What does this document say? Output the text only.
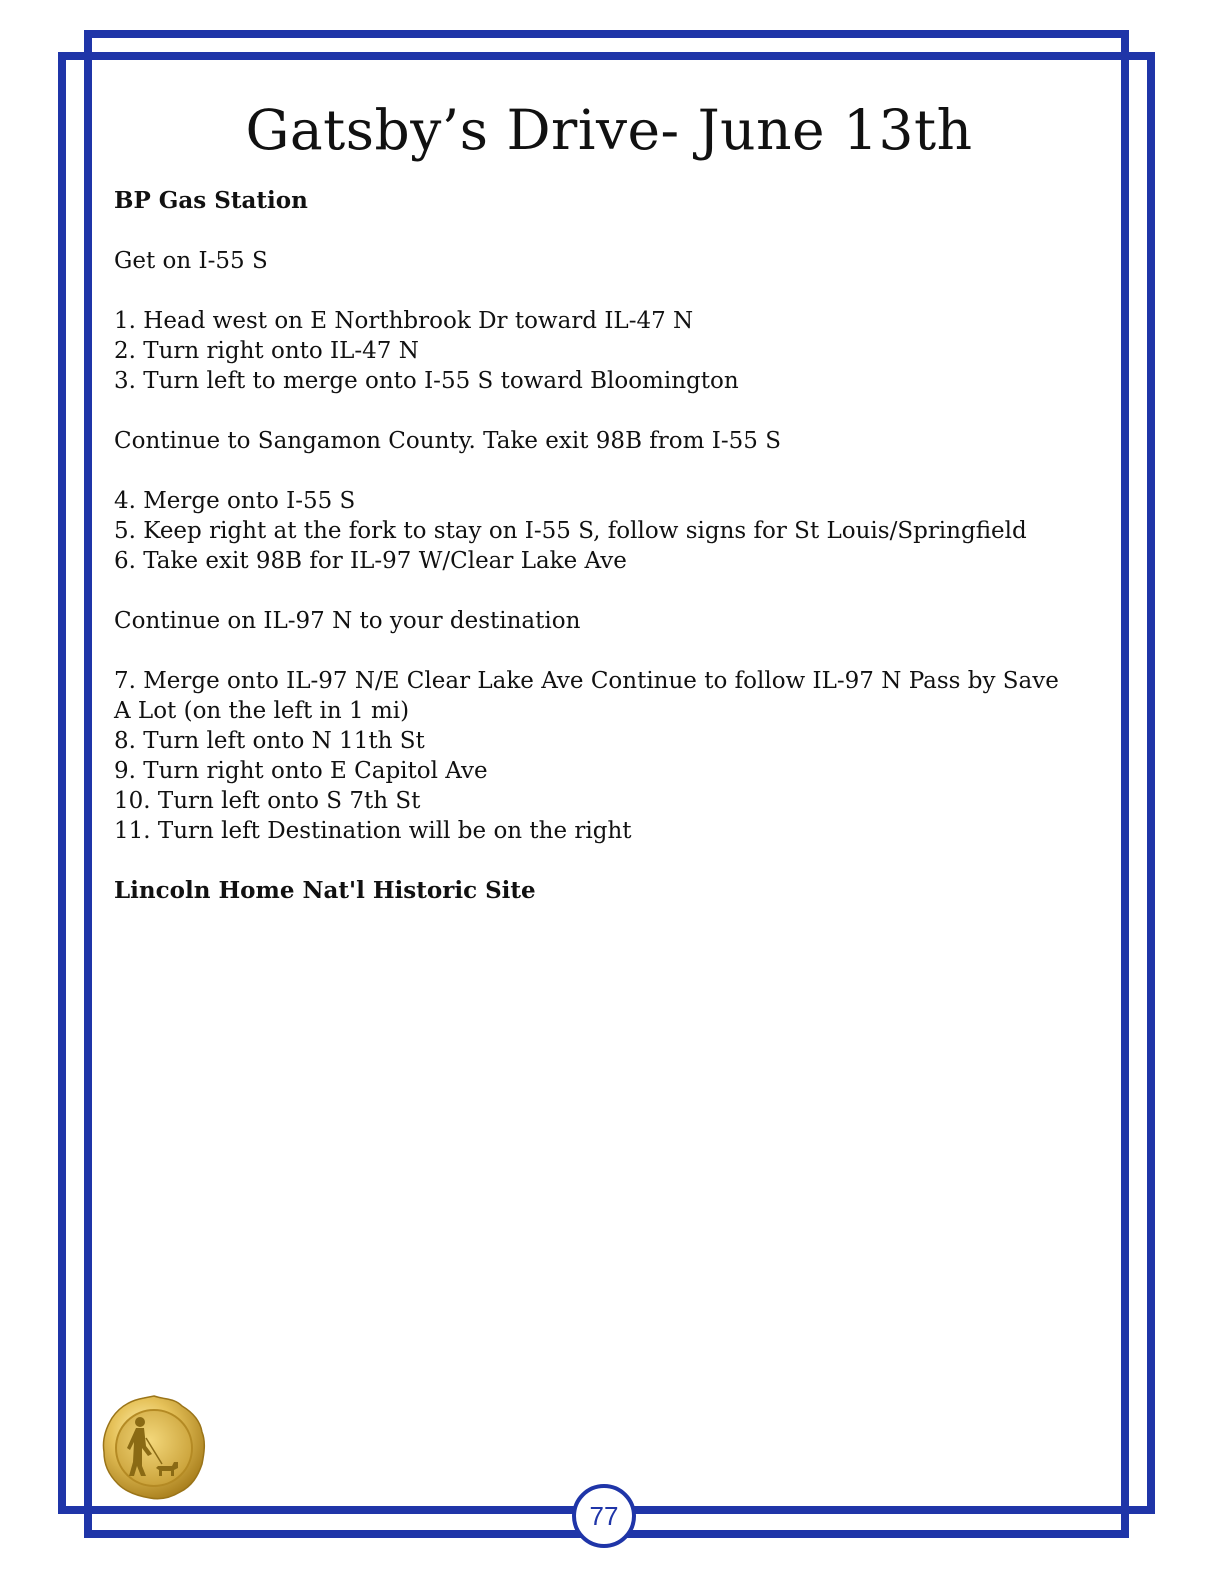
Gatsby’s Drive- June 13th

BP Gas Station

Get on I-55 S

1. Head west on E Northbrook Dr toward IL-47 N

2. Turn right onto IL-47 N

3. Turn left to merge onto I-55 S toward Bloomington

Continue to Sangamon County. Take exit 98B from I-55 S

4. Merge onto I-55 S

5. Keep right at the fork to stay on I-55 S, follow signs for St Louis/Springfield

6. Take exit 98B for IL-97 W/Clear Lake Ave

Continue on IL-97 N to your destination

7. Merge onto IL-97 N/E Clear Lake Ave Continue to follow IL-97 N Pass by Save

A Lot (on the left in 1 mi)

8. Turn left onto N 11th St

9. Turn right onto E Capitol Ave

10. Turn left onto S 7th St

11. Turn left Destination will be on the right

Lincoln Home Nat'l Historic Site

77
